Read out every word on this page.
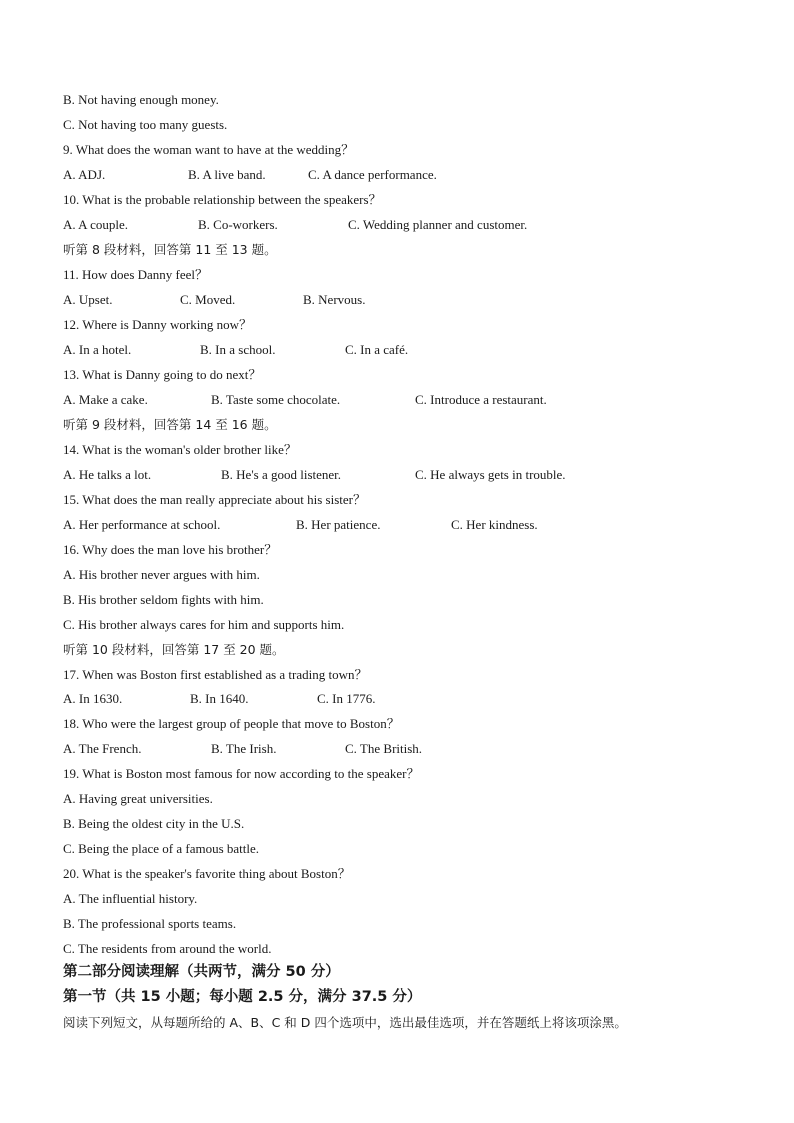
B. Not having enough money.
C. Not having too many guests.
9. What does the woman want to have at the wedding？
A. ADJ.	B. A live band.	C. A dance performance.
10. What is the probable relationship between the speakers？
A. A couple.	B. Co-workers.	C. Wedding planner and customer.
听第 8 段材料，回答第 11 至 13 题。
11. How does Danny feel？
A. Upset.	C. Moved.	B. Nervous.
12. Where is Danny working now？
A. In a hotel.	B. In a school.	C. In a café.
13. What is Danny going to do next？
A. Make a cake.	B. Taste some chocolate.	C. Introduce a restaurant.
听第 9 段材料，回答第 14 至 16 题。
14. What is the woman's older brother like？
A. He talks a lot.	B. He's a good listener.	C. He always gets in trouble.
15. What does the man really appreciate about his sister？
A. Her performance at school.	B. Her patience.	C. Her kindness.
16. Why does the man love his brother？
A. His brother never argues with him.
B. His brother seldom fights with him.
C. His brother always cares for him and supports him.
听第 10 段材料，回答第 17 至 20 题。
17. When was Boston first established as a trading town？
A. In 1630.	B. In 1640.	C. In 1776.
18. Who were the largest group of people that move to Boston？
A. The French.	B. The Irish.	C. The British.
19. What is Boston most famous for now according to the speaker？
A. Having great universities.
B. Being the oldest city in the U.S.
C. Being the place of a famous battle.
20. What is the speaker's favorite thing about Boston？
A. The influential history.
B. The professional sports teams.
C. The residents from around the world.
第二部分阅读理解（共两节，满分 50 分）
第一节（共 15 小题；每小题 2.5 分，满分 37.5 分）
阅读下列短文，从每题所给的 A、B、C 和 D 四个选项中，选出最佳选项，并在答题纸上将该项涂黑。
